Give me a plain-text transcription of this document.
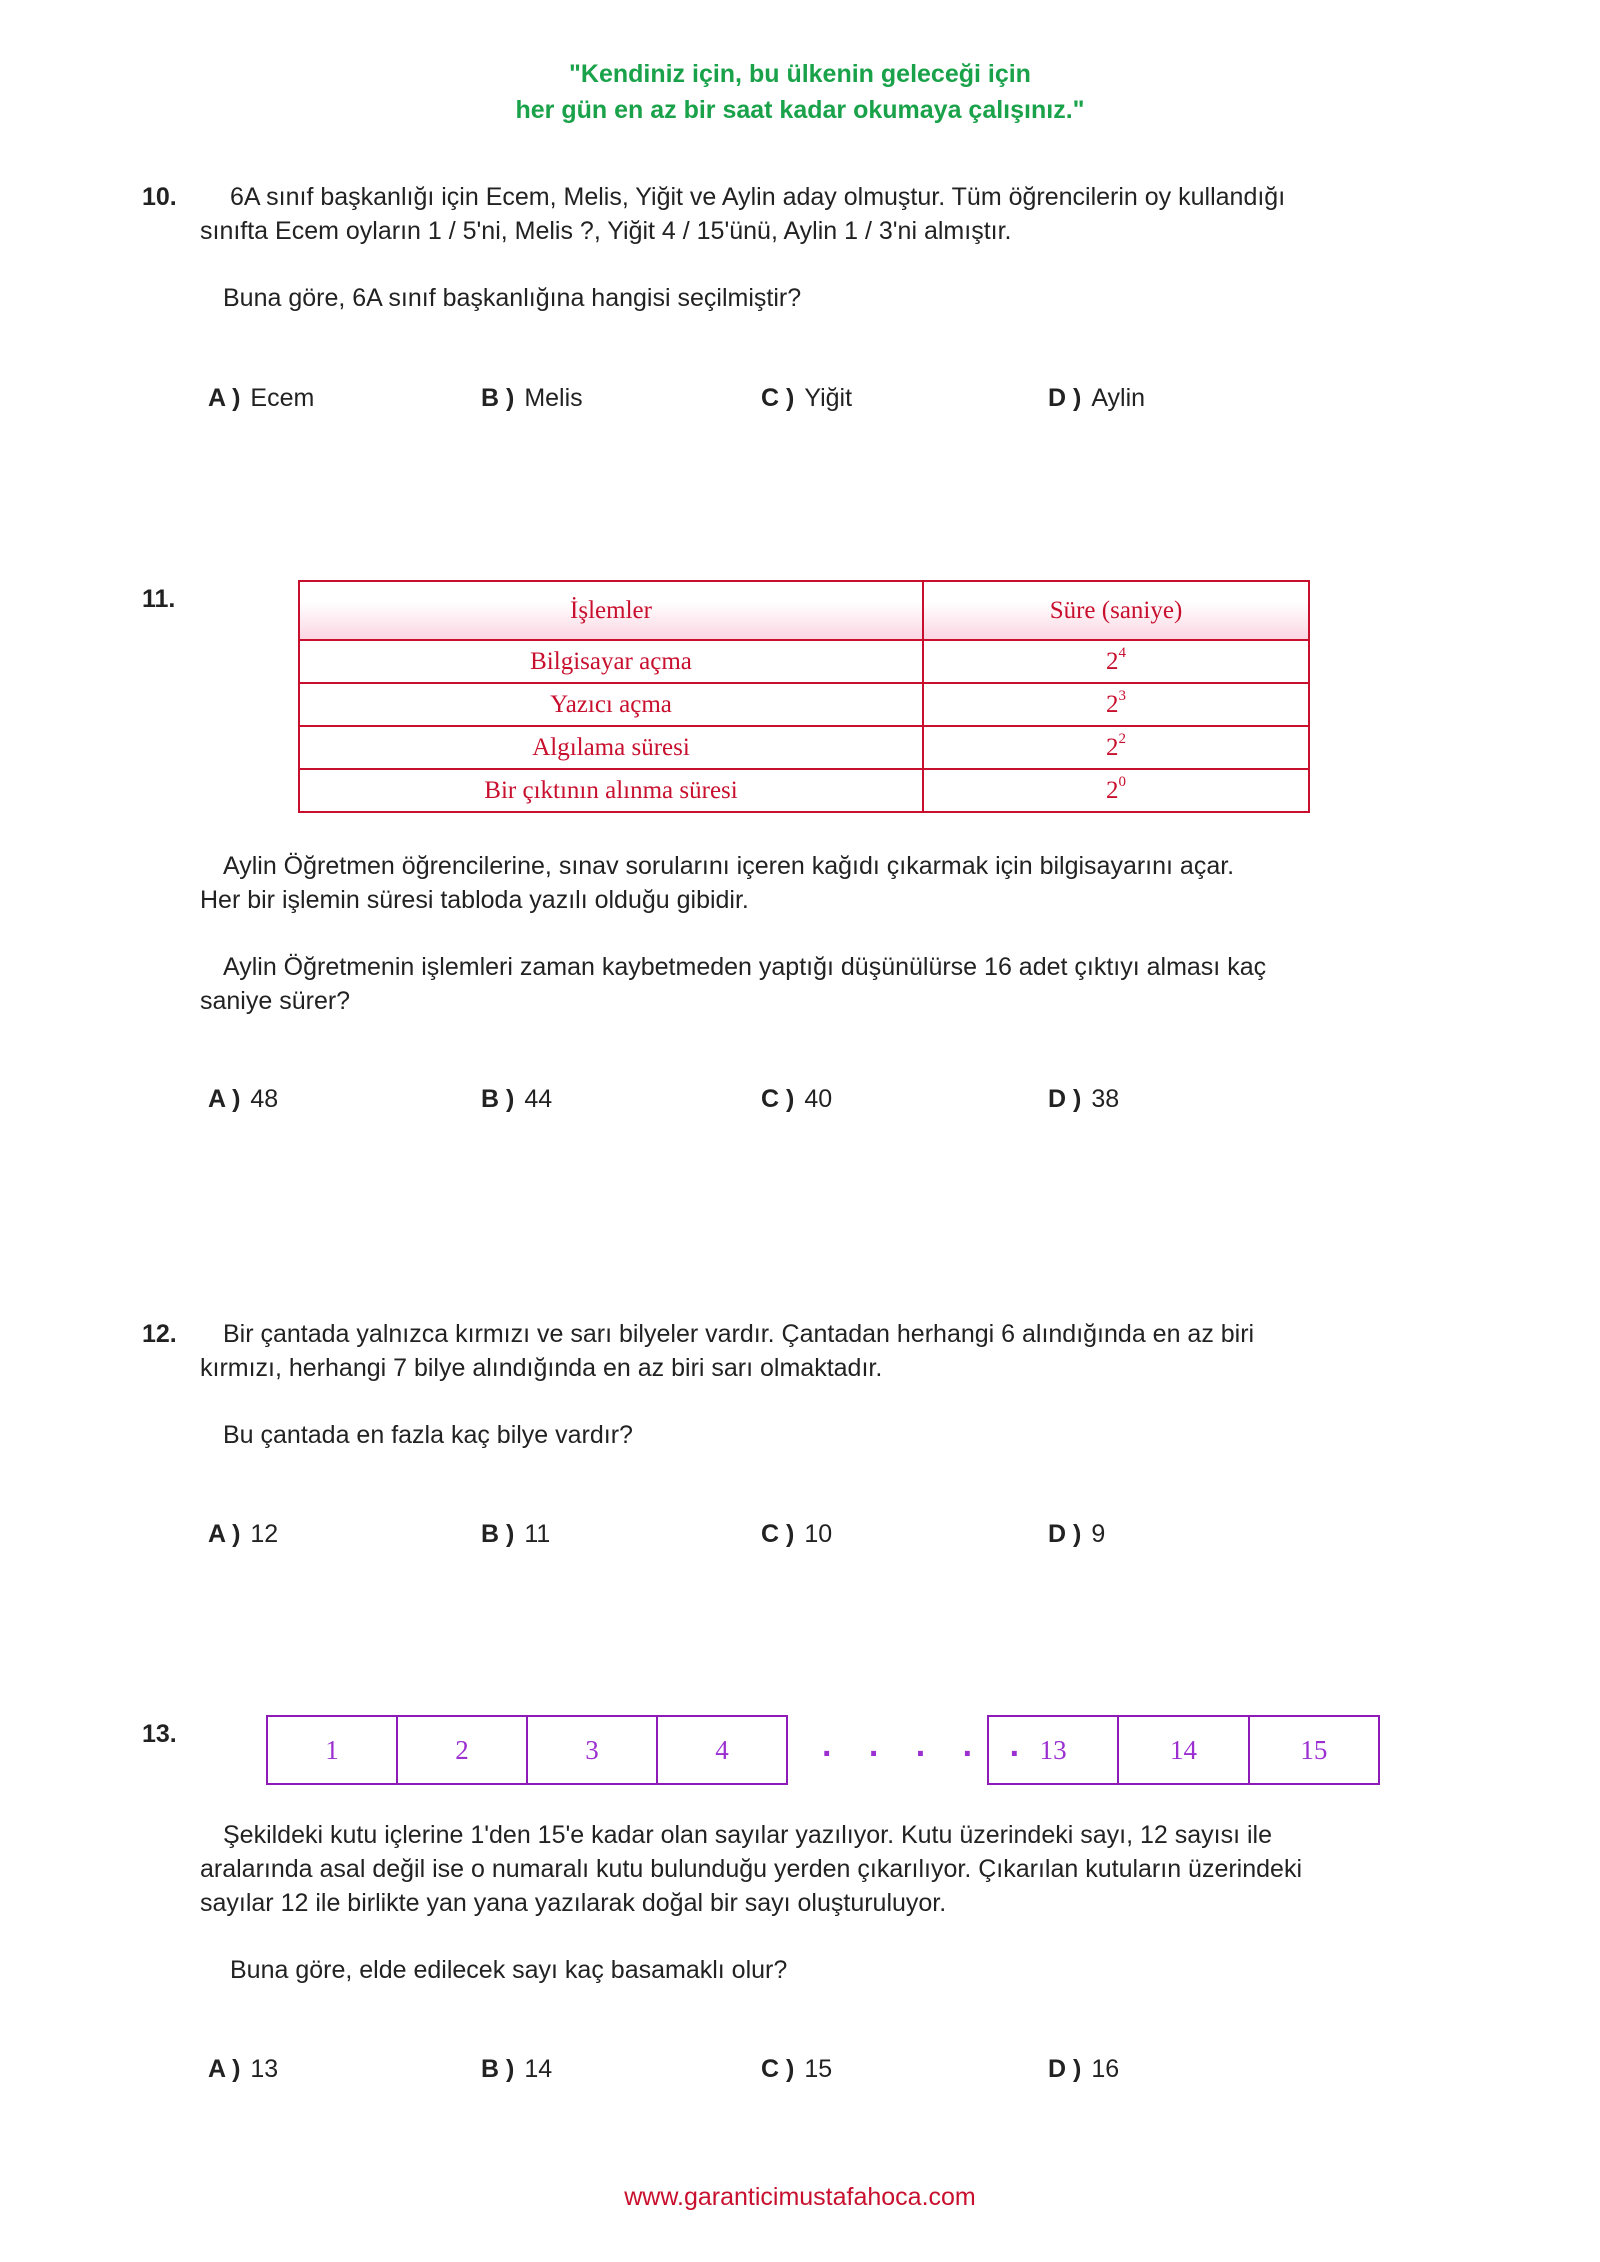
"Kendiniz için, bu ülkenin geleceği için
her gün en az bir saat kadar okumaya çalışınız."
10. 6A sınıf başkanlığı için Ecem, Melis, Yiğit ve Aylin aday olmuştur. Tüm öğrencilerin oy kullandığı
sınıfta Ecem oyların 1 / 5'ni, Melis ?, Yiğit 4 / 15'ünü, Aylin 1 / 3'ni almıştır.
Buna göre, 6A sınıf başkanlığına hangisi seçilmiştir?
A ) Ecem	B ) Melis	C ) Yiğit	D ) Aylin
11.	İşlemler	Süre (saniye)
Bilgisayar açma	$2^4$
Yazıcı açma	$2^3$
Algılama süresi	$2^2$
Bir çıktının alınma süresi	$2^0$
Aylin Öğretmen öğrencilerine, sınav sorularını içeren kağıdı çıkarmak için bilgisayarını açar.
Her bir işlemin süresi tabloda yazılı olduğu gibidir.
Aylin Öğretmenin işlemleri zaman kaybetmeden yaptığı düşünülürse 16 adet çıktıyı alması kaç
saniye sürer?
A ) 48	B ) 44	C ) 40	D ) 38
12. Bir çantada yalnızca kırmızı ve sarı bilyeler vardır. Çantadan herhangi 6 alındığında en az biri
kırmızı, herhangi 7 bilye alındığında en az biri sarı olmaktadır.
Bu çantada en fazla kaç bilye vardır?
A ) 12	B ) 11	C ) 10	D ) 9
13.
1	2	3	4	. . . . . 13	14	15
Şekildeki kutu içlerine 1'den 15'e kadar olan sayılar yazılıyor. Kutu üzerindeki sayı, 12 sayısı ile
aralarında asal değil ise o numaralı kutu bulunduğu yerden çıkarılıyor. Çıkarılan kutuların üzerindeki
sayılar 12 ile birlikte yan yana yazılarak doğal bir sayı oluşturuluyor.
Buna göre, elde edilecek sayı kaç basamaklı olur?
A ) 13	B ) 14	C ) 15	D ) 16
www.garanticimustafahoca.com
